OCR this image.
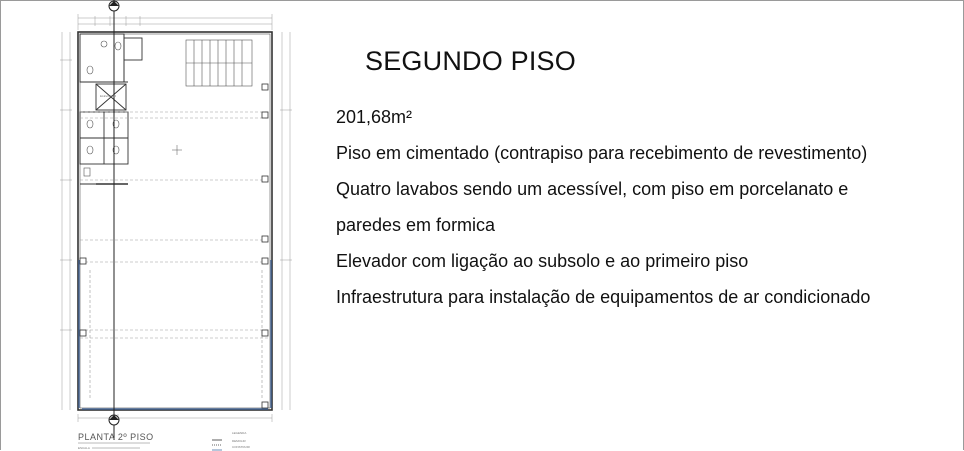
PLANTA 2º PISO
ESCALA
LEGENDA
DEMOLIR
CONSTRUIR
ELEVADOR
SEGUNDO PISO
201,68m²
Piso em cimentado (contrapiso para recebimento de revestimento)
Quatro lavabos sendo um acessível, com piso em porcelanato e
paredes em formica
Elevador com ligação ao subsolo e ao primeiro piso
Infraestrutura para instalação de equipamentos de ar condicionado
